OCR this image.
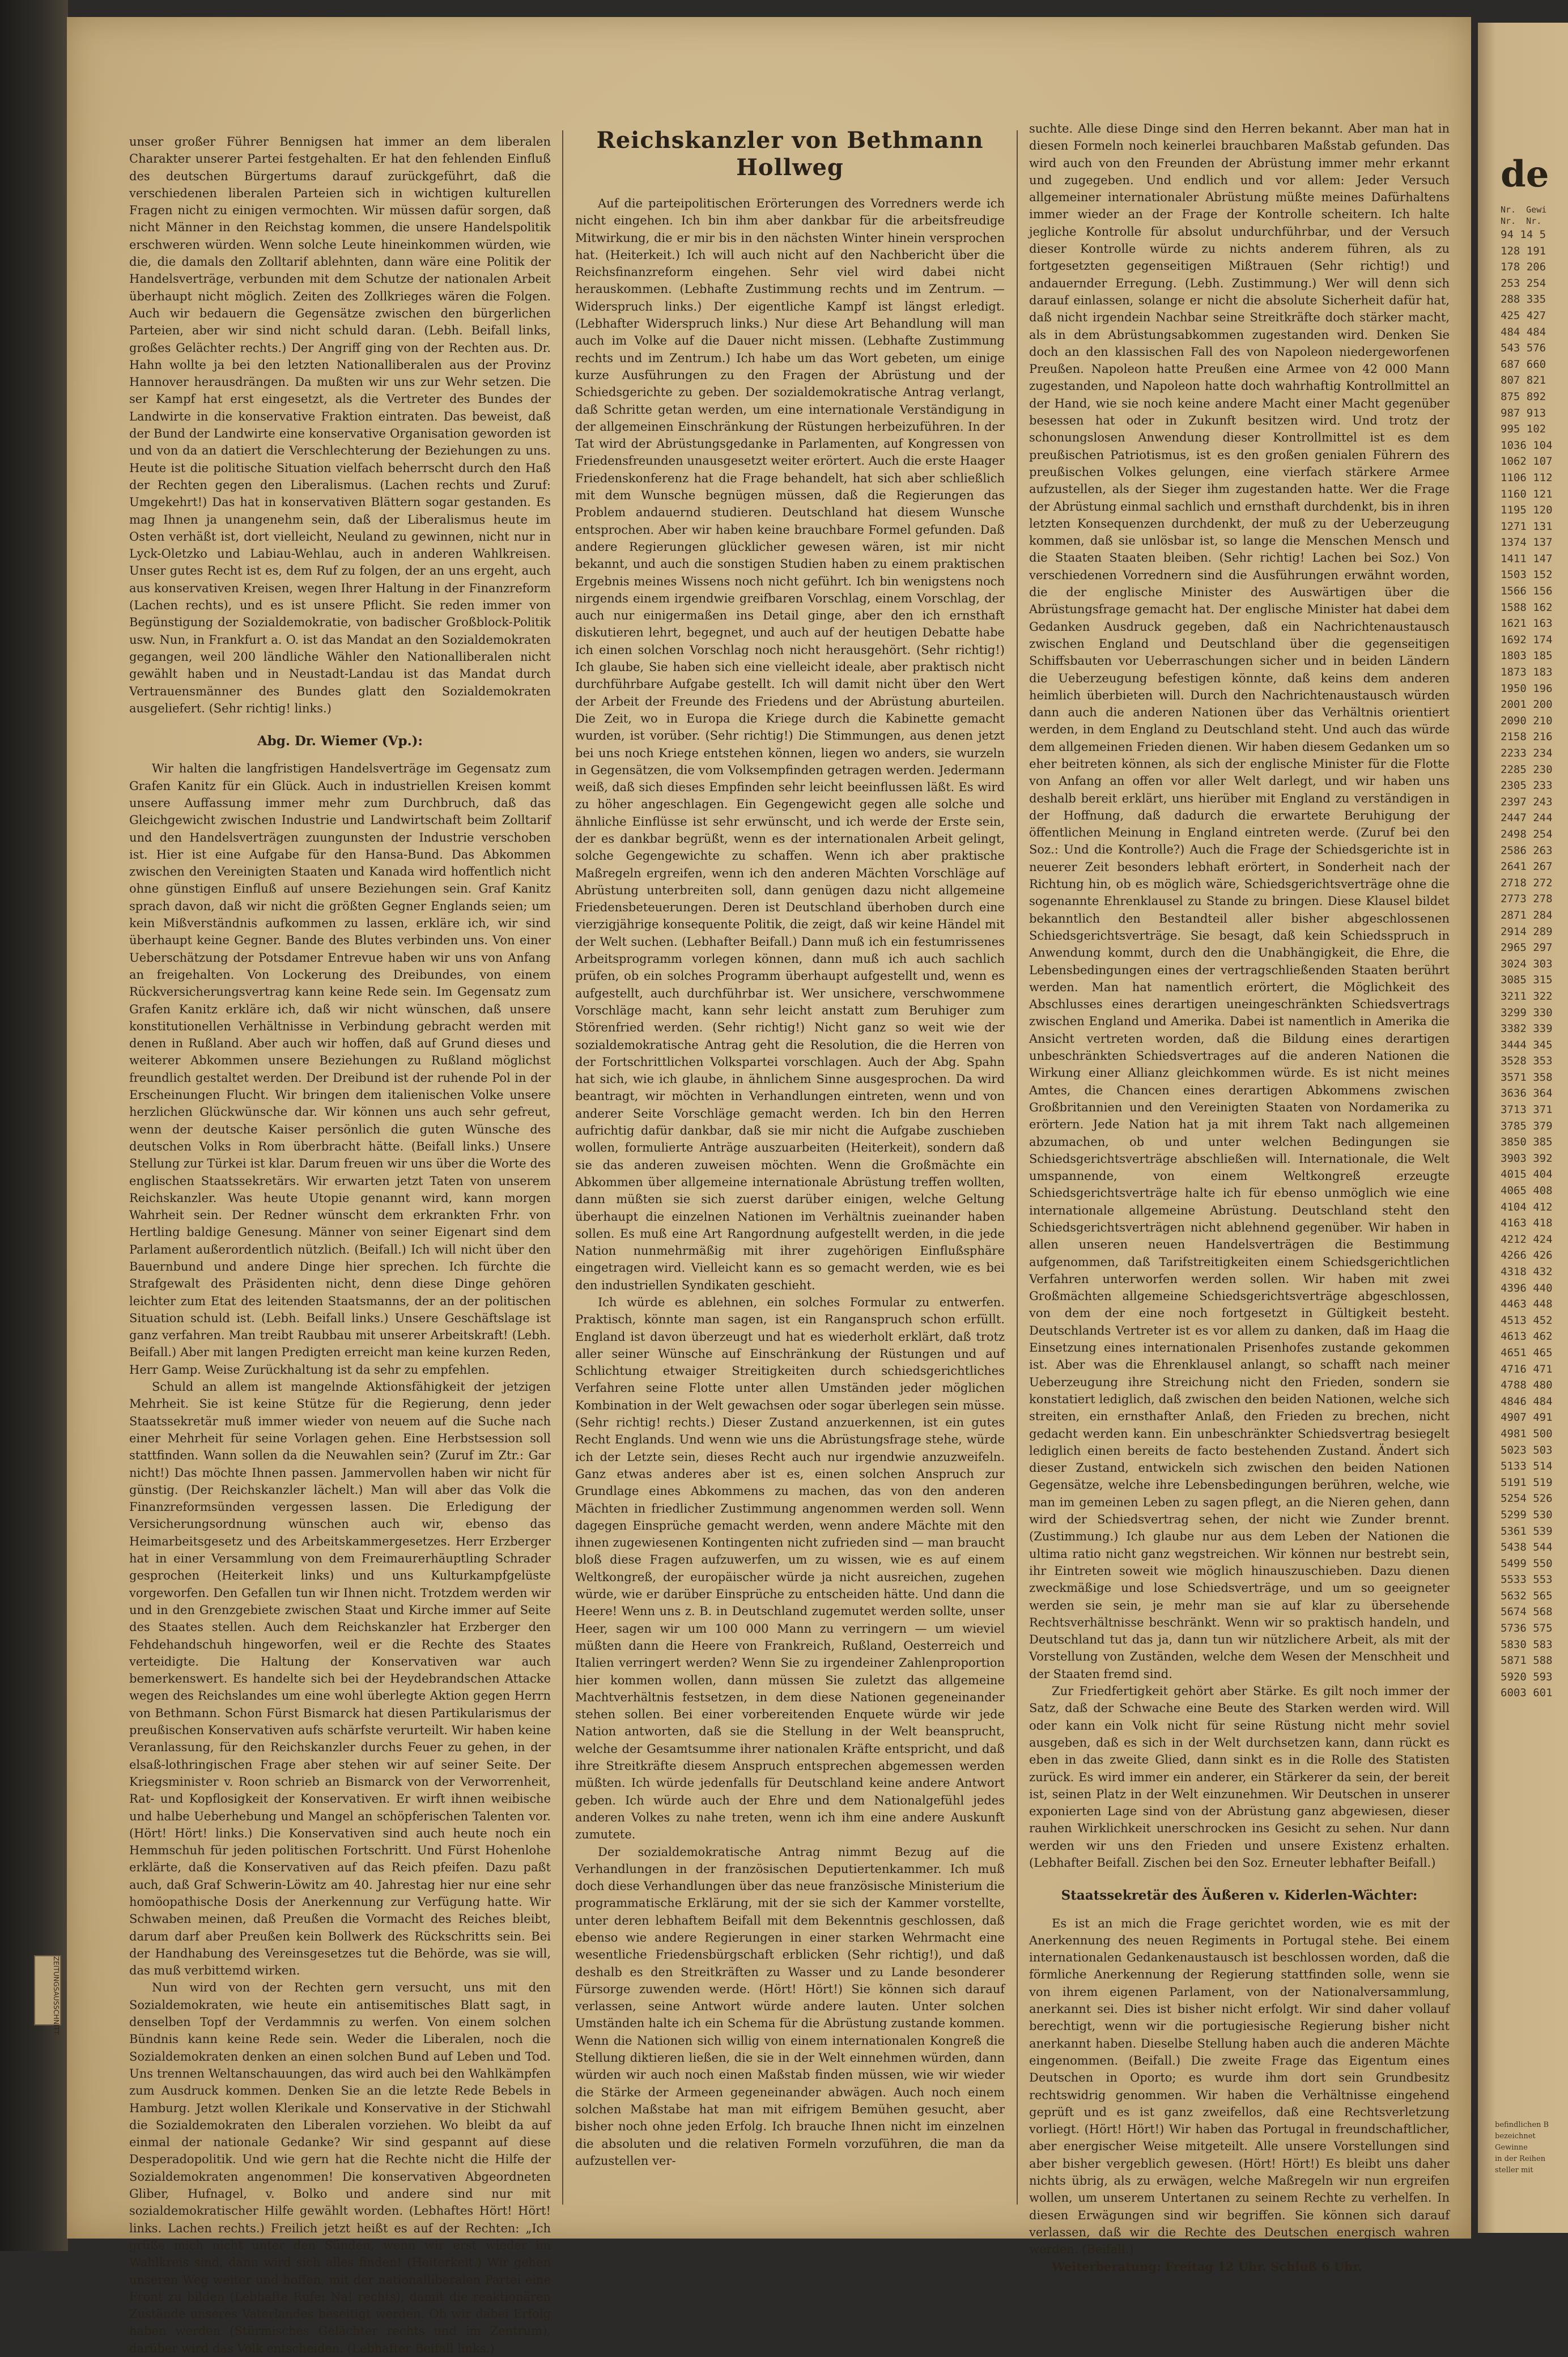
unser großer Führer Bennigsen hat immer an dem liberalen Charakter unserer Partei festgehalten. Er hat den fehlenden Einfluß des deutschen Bürgertums darauf zurückgeführt, daß die verschiedenen liberalen Parteien sich in wichtigen kulturellen Fragen nicht zu einigen vermochten. Wir müssen dafür sorgen, daß nicht Männer in den Reichstag kommen, die unsere Handelspolitik erschweren würden. Wenn solche Leute hineinkommen würden, wie die, die damals den Zolltarif ablehnten, dann wäre eine Politik der Handelsverträge, verbunden mit dem Schutze der nationalen Arbeit überhaupt nicht möglich. Zeiten des Zollkrieges wären die Folgen. Auch wir bedauern die Gegensätze zwischen den bürgerlichen Parteien, aber wir sind nicht schuld daran. (Lebh. Beifall links, großes Gelächter rechts.) Der Angriff ging von der Rechten aus. Dr. Hahn wollte ja bei den letzten Nationalliberalen aus der Provinz Hannover herausdrängen. Da mußten wir uns zur Wehr setzen. Die ser Kampf hat erst eingesetzt, als die Vertreter des Bundes der Landwirte in die konservative Fraktion eintraten. Das beweist, daß der Bund der Landwirte eine konservative Organisation geworden ist und von da an datiert die Verschlechterung der Beziehungen zu uns. Heute ist die politische Situation vielfach beherrscht durch den Haß der Rechten gegen den Liberalismus. (Lachen rechts und Zuruf: Umgekehrt!) Das hat in konservativen Blättern sogar gestanden. Es mag Ihnen ja unangenehm sein, daß der Liberalismus heute im Osten verhäßt ist, dort vielleicht, Neuland zu gewinnen, nicht nur in Lyck-Oletzko und Labiau-Wehlau, auch in anderen Wahlkreisen. Unser gutes Recht ist es, dem Ruf zu folgen, der an uns ergeht, auch aus konservativen Kreisen, wegen Ihrer Haltung in der Finanzreform (Lachen rechts), und es ist unsere Pflicht. Sie reden immer von Begünstigung der Sozialdemokratie, von badischer Großblock-Politik usw. Nun, in Frankfurt a. O. ist das Mandat an den Sozialdemokraten gegangen, weil 200 ländliche Wähler den Nationalliberalen nicht gewählt haben und in Neustadt-Landau ist das Mandat durch Vertrauensmänner des Bundes glatt den Sozialdemokraten ausgeliefert. (Sehr richtig! links.)

Abg. Dr. Wiemer (Vp.):

Wir halten die langfristigen Handelsverträge im Gegensatz zum Grafen Kanitz für ein Glück. Auch in industriellen Kreisen kommt unsere Auffassung immer mehr zum Durchbruch, daß das Gleichgewicht zwischen Industrie und Landwirtschaft beim Zolltarif und den Handelsverträgen zuungunsten der Industrie verschoben ist. Hier ist eine Aufgabe für den Hansa-Bund. Das Abkommen zwischen den Vereinigten Staaten und Kanada wird hoffentlich nicht ohne günstigen Einfluß auf unsere Beziehungen sein. Graf Kanitz sprach davon, daß wir nicht die größten Gegner Englands seien; um kein Mißverständnis aufkommen zu lassen, erkläre ich, wir sind überhaupt keine Gegner. Bande des Blutes verbinden uns. Von einer Ueberschätzung der Potsdamer Entrevue haben wir uns von Anfang an freigehalten. Von Lockerung des Dreibundes, von einem Rückversicherungsvertrag kann keine Rede sein. Im Gegensatz zum Grafen Kanitz erkläre ich, daß wir nicht wünschen, daß unsere konstitutionellen Verhältnisse in Verbindung gebracht werden mit denen in Rußland. Aber auch wir hoffen, daß auf Grund dieses und weiterer Abkommen unsere Beziehungen zu Rußland möglichst freundlich gestaltet werden. Der Dreibund ist der ruhende Pol in der Erscheinungen Flucht. Wir bringen dem italienischen Volke unsere herzlichen Glückwünsche dar. Wir können uns auch sehr gefreut, wenn der deutsche Kaiser persönlich die guten Wünsche des deutschen Volks in Rom überbracht hätte. (Beifall links.) Unsere Stellung zur Türkei ist klar. Darum freuen wir uns über die Worte des englischen Staatssekretärs. Wir erwarten jetzt Taten von unserem Reichskanzler. Was heute Utopie genannt wird, kann morgen Wahrheit sein. Der Redner wünscht dem erkrankten Frhr. von Hertling baldige Genesung. Männer von seiner Eigenart sind dem Parlament außerordentlich nützlich. (Beifall.) Ich will nicht über den Bauernbund und andere Dinge hier sprechen. Ich fürchte die Strafgewalt des Präsidenten nicht, denn diese Dinge gehören leichter zum Etat des leitenden Staatsmanns, der an der politischen Situation schuld ist. (Lebh. Beifall links.) Unsere Geschäftslage ist ganz verfahren. Man treibt Raubbau mit unserer Arbeitskraft! (Lebh. Beifall.) Aber mit langen Predigten erreicht man keine kurzen Reden, Herr Gamp. Weise Zurückhaltung ist da sehr zu empfehlen.

Schuld an allem ist mangelnde Aktionsfähigkeit der jetzigen Mehrheit. Sie ist keine Stütze für die Regierung, denn jeder Staatssekretär muß immer wieder von neuem auf die Suche nach einer Mehrheit für seine Vorlagen gehen. Eine Herbstsession soll stattfinden. Wann sollen da die Neuwahlen sein? (Zuruf im Ztr.: Gar nicht!) Das möchte Ihnen passen. Jammervollen haben wir nicht für günstig. (Der Reichskanzler lächelt.) Man will aber das Volk die Finanzreformsünden vergessen lassen. Die Erledigung der Versicherungsordnung wünschen auch wir, ebenso das Heimarbeitsgesetz und des Arbeitskammergesetzes. Herr Erzberger hat in einer Versammlung von dem Freimaurerhäuptling Schrader gesprochen (Heiterkeit links) und uns Kulturkampfgelüste vorgeworfen. Den Gefallen tun wir Ihnen nicht. Trotzdem werden wir und in den Grenzgebiete zwischen Staat und Kirche immer auf Seite des Staates stellen. Auch dem Reichskanzler hat Erzberger den Fehdehandschuh hingeworfen, weil er die Rechte des Staates verteidigte. Die Haltung der Konservativen war auch bemerkenswert. Es handelte sich bei der Heydebrandschen Attacke wegen des Reichslandes um eine wohl überlegte Aktion gegen Herrn von Bethmann. Schon Fürst Bismarck hat diesen Partikularismus der preußischen Konservativen aufs schärfste verurteilt. Wir haben keine Veranlassung, für den Reichskanzler durchs Feuer zu gehen, in der elsaß-lothringischen Frage aber stehen wir auf seiner Seite. Der Kriegsminister v. Roon schrieb an Bismarck von der Verworrenheit, Rat- und Kopflosigkeit der Konservativen. Er wirft ihnen weibische und halbe Ueberhebung und Mangel an schöpferischen Talenten vor. (Hört! Hört! links.) Die Konservativen sind auch heute noch ein Hemmschuh für jeden politischen Fortschritt. Und Fürst Hohenlohe erklärte, daß die Konservativen auf das Reich pfeifen. Dazu paßt auch, daß Graf Schwerin-Löwitz am 40. Jahrestag hier nur eine sehr homöopathische Dosis der Anerkennung zur Verfügung hatte. Wir Schwaben meinen, daß Preußen die Vormacht des Reiches bleibt, darum darf aber Preußen kein Bollwerk des Rückschritts sein. Bei der Handhabung des Vereinsgesetzes tut die Behörde, was sie will, das muß verbittemd wirken.

Nun wird von der Rechten gern versucht, uns mit den Sozialdemokraten, wie heute ein antisemitisches Blatt sagt, in denselben Topf der Verdammnis zu werfen. Von einem solchen Bündnis kann keine Rede sein. Weder die Liberalen, noch die Sozialdemokraten denken an einen solchen Bund auf Leben und Tod. Uns trennen Weltanschauungen, das wird auch bei den Wahlkämpfen zum Ausdruck kommen. Denken Sie an die letzte Rede Bebels in Hamburg. Jetzt wollen Klerikale und Konservative in der Stichwahl die Sozialdemokraten den Liberalen vorziehen. Wo bleibt da auf einmal der nationale Gedanke? Wir sind gespannt auf diese Desperadopolitik. Und wie gern hat die Rechte nicht die Hilfe der Sozialdemokraten angenommen! Die konservativen Abgeordneten Gliber, Hufnagel, v. Bolko und andere sind nur mit sozialdemokratischer Hilfe gewählt worden. (Lebhaftes Hört! Hört! links. Lachen rechts.) Freilich jetzt heißt es auf der Rechten: „Ich grüße mich nicht unter den Sünden, wenn wir erst wieder im Wahlkreis sind, dann wird sich alles finden! (Heiterkeit.) Wir gehen unseren Weg weiter und hoffen, mit der nationalliberalen Partei eine Front zu bilden (Lebhafte Rufe: Na! rechts), damit die reaktionären Zustände unseres Vaterlandes beseitigt werden. Ob wir dabei Erfolg haben werden (Stürmisches Gelächter rechts und im Zentrum), darüber wird das Volk entscheiden. (Lebhafter Beifall links.)

Reichskanzler von Bethmann Hollweg

Auf die parteipolitischen Erörterungen des Vorredners werde ich nicht eingehen. Ich bin ihm aber dankbar für die arbeitsfreudige Mitwirkung, die er mir bis in den nächsten Winter hinein versprochen hat. (Heiterkeit.) Ich will auch nicht auf den Nachbericht über die Reichsfinanzreform eingehen. Sehr viel wird dabei nicht herauskommen. (Lebhafte Zustimmung rechts und im Zentrum. — Widerspruch links.) Der eigentliche Kampf ist längst erledigt. (Lebhafter Widerspruch links.) Nur diese Art Behandlung will man auch im Volke auf die Dauer nicht missen. (Lebhafte Zustimmung rechts und im Zentrum.) Ich habe um das Wort gebeten, um einige kurze Ausführungen zu den Fragen der Abrüstung und der Schiedsgerichte zu geben. Der sozialdemokratische Antrag verlangt, daß Schritte getan werden, um eine internationale Verständigung in der allgemeinen Einschränkung der Rüstungen herbeizuführen. In der Tat wird der Abrüstungsgedanke in Parlamenten, auf Kongressen von Friedensfreunden unausgesetzt weiter erörtert. Auch die erste Haager Friedenskonferenz hat die Frage behandelt, hat sich aber schließlich mit dem Wunsche begnügen müssen, daß die Regierungen das Problem andauernd studieren. Deutschland hat diesem Wunsche entsprochen. Aber wir haben keine brauchbare Formel gefunden. Daß andere Regierungen glücklicher gewesen wären, ist mir nicht bekannt, und auch die sonstigen Studien haben zu einem praktischen Ergebnis meines Wissens noch nicht geführt. Ich bin wenigstens noch nirgends einem irgendwie greifbaren Vorschlag, einem Vorschlag, der auch nur einigermaßen ins Detail ginge, aber den ich ernsthaft diskutieren lehrt, begegnet, und auch auf der heutigen Debatte habe ich einen solchen Vorschlag noch nicht herausgehört. (Sehr richtig!) Ich glaube, Sie haben sich eine vielleicht ideale, aber praktisch nicht durchführbare Aufgabe gestellt. Ich will damit nicht über den Wert der Arbeit der Freunde des Friedens und der Abrüstung aburteilen. Die Zeit, wo in Europa die Kriege durch die Kabinette gemacht wurden, ist vorüber. (Sehr richtig!) Die Stimmungen, aus denen jetzt bei uns noch Kriege entstehen können, liegen wo anders, sie wurzeln in Gegensätzen, die vom Volksempfinden getragen werden. Jedermann weiß, daß sich dieses Empfinden sehr leicht beeinflussen läßt. Es wird zu höher angeschlagen. Ein Gegengewicht gegen alle solche und ähnliche Einflüsse ist sehr erwünscht, und ich werde der Erste sein, der es dankbar begrüßt, wenn es der internationalen Arbeit gelingt, solche Gegengewichte zu schaffen. Wenn ich aber praktische Maßregeln ergreifen, wenn ich den anderen Mächten Vorschläge auf Abrüstung unterbreiten soll, dann genügen dazu nicht allgemeine Friedensbeteuerungen. Deren ist Deutschland überhoben durch eine vierzigjährige konsequente Politik, die zeigt, daß wir keine Händel mit der Welt suchen. (Lebhafter Beifall.) Dann muß ich ein festumrissenes Arbeitsprogramm vorlegen können, dann muß ich auch sachlich prüfen, ob ein solches Programm überhaupt aufgestellt und, wenn es aufgestellt, auch durchführbar ist. Wer unsichere, verschwommene Vorschläge macht, kann sehr leicht anstatt zum Beruhiger zum Störenfried werden. (Sehr richtig!) Nicht ganz so weit wie der sozialdemokratische Antrag geht die Resolution, die die Herren von der Fortschrittlichen Volkspartei vorschlagen. Auch der Abg. Spahn hat sich, wie ich glaube, in ähnlichem Sinne ausgesprochen. Da wird beantragt, wir möchten in Verhandlungen eintreten, wenn und von anderer Seite Vorschläge gemacht werden. Ich bin den Herren aufrichtig dafür dankbar, daß sie mir nicht die Aufgabe zuschieben wollen, formulierte Anträge auszuarbeiten (Heiterkeit), sondern daß sie das anderen zuweisen möchten. Wenn die Großmächte ein Abkommen über allgemeine internationale Abrüstung treffen wollten, dann müßten sie sich zuerst darüber einigen, welche Geltung überhaupt die einzelnen Nationen im Verhältnis zueinander haben sollen. Es muß eine Art Rangordnung aufgestellt werden, in die jede Nation nunmehrmäßig mit ihrer zugehörigen Einflußsphäre eingetragen wird. Vielleicht kann es so gemacht werden, wie es bei den industriellen Syndikaten geschieht.

Ich würde es ablehnen, ein solches Formular zu entwerfen. Praktisch, könnte man sagen, ist ein Ranganspruch schon erfüllt. England ist davon überzeugt und hat es wiederholt erklärt, daß trotz aller seiner Wünsche auf Einschränkung der Rüstungen und auf Schlichtung etwaiger Streitigkeiten durch schiedsgerichtliches Verfahren seine Flotte unter allen Umständen jeder möglichen Kombination in der Welt gewachsen oder sogar überlegen sein müsse. (Sehr richtig! rechts.) Dieser Zustand anzuerkennen, ist ein gutes Recht Englands. Und wenn wie uns die Abrüstungsfrage stehe, würde ich der Letzte sein, dieses Recht auch nur irgendwie anzuzweifeln. Ganz etwas anderes aber ist es, einen solchen Anspruch zur Grundlage eines Abkommens zu machen, das von den anderen Mächten in friedlicher Zustimmung angenommen werden soll. Wenn dagegen Einsprüche gemacht werden, wenn andere Mächte mit den ihnen zugewiesenen Kontingenten nicht zufrieden sind — man braucht bloß diese Fragen aufzuwerfen, um zu wissen, wie es auf einem Weltkongreß, der europäischer würde ja nicht ausreichen, zugehen würde, wie er darüber Einsprüche zu entscheiden hätte. Und dann die Heere! Wenn uns z. B. in Deutschland zugemutet werden sollte, unser Heer, sagen wir um 100 000 Mann zu verringern — um wieviel müßten dann die Heere von Frankreich, Rußland, Oesterreich und Italien verringert werden? Wenn Sie zu irgendeiner Zahlenproportion hier kommen wollen, dann müssen Sie zuletzt das allgemeine Machtverhältnis festsetzen, in dem diese Nationen gegeneinander stehen sollen. Bei einer vorbereitenden Enquete würde wir jede Nation antworten, daß sie die Stellung in der Welt beansprucht, welche der Gesamtsumme ihrer nationalen Kräfte entspricht, und daß ihre Streitkräfte diesem Anspruch entsprechen abgemessen werden müßten. Ich würde jedenfalls für Deutschland keine andere Antwort geben. Ich würde auch der Ehre und dem Nationalgefühl jedes anderen Volkes zu nahe treten, wenn ich ihm eine andere Auskunft zumutete.

Der sozialdemokratische Antrag nimmt Bezug auf die Verhandlungen in der französischen Deputiertenkammer. Ich muß doch diese Verhandlungen über das neue französische Ministerium die programmatische Erklärung, mit der sie sich der Kammer vorstellte, unter deren lebhaftem Beifall mit dem Bekenntnis geschlossen, daß ebenso wie andere Regierungen in einer starken Wehrmacht eine wesentliche Friedensbürgschaft erblicken (Sehr richtig!), und daß deshalb es den Streitkräften zu Wasser und zu Lande besonderer Fürsorge zuwenden werde. (Hört! Hört!) Sie können sich darauf verlassen, seine Antwort würde andere lauten. Unter solchen Umständen halte ich ein Schema für die Abrüstung zustande kommen. Wenn die Nationen sich willig von einem internationalen Kongreß die Stellung diktieren ließen, die sie in der Welt einnehmen würden, dann würden wir auch noch einen Maßstab finden müssen, wie wir wieder die Stärke der Armeen gegeneinander abwägen. Auch noch einem solchen Maßstabe hat man mit eifrigem Bemühen gesucht, aber bisher noch ohne jeden Erfolg. Ich brauche Ihnen nicht im einzelnen die absoluten und die relativen Formeln vorzuführen, die man da aufzustellen ver-

suchte. Alle diese Dinge sind den Herren bekannt. Aber man hat in diesen Formeln noch keinerlei brauchbaren Maßstab gefunden. Das wird auch von den Freunden der Abrüstung immer mehr erkannt und zugegeben. Und endlich und vor allem: Jeder Versuch allgemeiner internationaler Abrüstung müßte meines Dafürhaltens immer wieder an der Frage der Kontrolle scheitern. Ich halte jegliche Kontrolle für absolut undurchführbar, und der Versuch dieser Kontrolle würde zu nichts anderem führen, als zu fortgesetzten gegenseitigen Mißtrauen (Sehr richtig!) und andauernder Erregung. (Lebh. Zustimmung.) Wer will denn sich darauf einlassen, solange er nicht die absolute Sicherheit dafür hat, daß nicht irgendein Nachbar seine Streitkräfte doch stärker macht, als in dem Abrüstungsabkommen zugestanden wird. Denken Sie doch an den klassischen Fall des von Napoleon niedergeworfenen Preußen. Napoleon hatte Preußen eine Armee von 42 000 Mann zugestanden, und Napoleon hatte doch wahrhaftig Kontrollmittel an der Hand, wie sie noch keine andere Macht einer Macht gegenüber besessen hat oder in Zukunft besitzen wird. Und trotz der schonungslosen Anwendung dieser Kontrollmittel ist es dem preußischen Patriotismus, ist es den großen genialen Führern des preußischen Volkes gelungen, eine vierfach stärkere Armee aufzustellen, als der Sieger ihm zugestanden hatte. Wer die Frage der Abrüstung einmal sachlich und ernsthaft durchdenkt, bis in ihren letzten Konsequenzen durchdenkt, der muß zu der Ueberzeugung kommen, daß sie unlösbar ist, so lange die Menschen Mensch und die Staaten Staaten bleiben. (Sehr richtig! Lachen bei Soz.) Von verschiedenen Vorrednern sind die Ausführungen erwähnt worden, die der englische Minister des Auswärtigen über die Abrüstungsfrage gemacht hat. Der englische Minister hat dabei dem Gedanken Ausdruck gegeben, daß ein Nachrichtenaustausch zwischen England und Deutschland über die gegenseitigen Schiffsbauten vor Ueberraschungen sicher und in beiden Ländern die Ueberzeugung befestigen könnte, daß keins dem anderen heimlich überbieten will. Durch den Nachrichtenaustausch würden dann auch die anderen Nationen über das Verhältnis orientiert werden, in dem England zu Deutschland steht. Und auch das würde dem allgemeinen Frieden dienen. Wir haben diesem Gedanken um so eher beitreten können, als sich der englische Minister für die Flotte von Anfang an offen vor aller Welt darlegt, und wir haben uns deshalb bereit erklärt, uns hierüber mit England zu verständigen in der Hoffnung, daß dadurch die erwartete Beruhigung der öffentlichen Meinung in England eintreten werde. (Zuruf bei den Soz.: Und die Kontrolle?) Auch die Frage der Schiedsgerichte ist in neuerer Zeit besonders lebhaft erörtert, in Sonderheit nach der Richtung hin, ob es möglich wäre, Schiedsgerichtsverträge ohne die sogenannte Ehrenklausel zu Stande zu bringen. Diese Klausel bildet bekanntlich den Bestandteil aller bisher abgeschlossenen Schiedsgerichtsverträge. Sie besagt, daß kein Schiedsspruch in Anwendung kommt, durch den die Unabhängigkeit, die Ehre, die Lebensbedingungen eines der vertragschließenden Staaten berührt werden. Man hat namentlich erörtert, die Möglichkeit des Abschlusses eines derartigen uneingeschränkten Schiedsvertrags zwischen England und Amerika. Dabei ist namentlich in Amerika die Ansicht vertreten worden, daß die Bildung eines derartigen unbeschränkten Schiedsvertrages auf die anderen Nationen die Wirkung einer Allianz gleichkommen würde. Es ist nicht meines Amtes, die Chancen eines derartigen Abkommens zwischen Großbritannien und den Vereinigten Staaten von Nordamerika zu erörtern. Jede Nation hat ja mit ihrem Takt nach allgemeinen abzumachen, ob und unter welchen Bedingungen sie Schiedsgerichtsverträge abschließen will. Internationale, die Welt umspannende, von einem Weltkongreß erzeugte Schiedsgerichtsverträge halte ich für ebenso unmöglich wie eine internationale allgemeine Abrüstung. Deutschland steht den Schiedsgerichtsverträgen nicht ablehnend gegenüber. Wir haben in allen unseren neuen Handelsverträgen die Bestimmung aufgenommen, daß Tarifstreitigkeiten einem Schiedsgerichtlichen Verfahren unterworfen werden sollen. Wir haben mit zwei Großmächten allgemeine Schiedsgerichtsverträge abgeschlossen, von dem der eine noch fortgesetzt in Gültigkeit besteht. Deutschlands Vertreter ist es vor allem zu danken, daß im Haag die Einsetzung eines internationalen Prisenhofes zustande gekommen ist. Aber was die Ehrenklausel anlangt, so schafft nach meiner Ueberzeugung ihre Streichung nicht den Frieden, sondern sie konstatiert lediglich, daß zwischen den beiden Nationen, welche sich streiten, ein ernsthafter Anlaß, den Frieden zu brechen, nicht gedacht werden kann. Ein unbeschränkter Schiedsvertrag besiegelt lediglich einen bereits de facto bestehenden Zustand. Ändert sich dieser Zustand, entwickeln sich zwischen den beiden Nationen Gegensätze, welche ihre Lebensbedingungen berühren, welche, wie man im gemeinen Leben zu sagen pflegt, an die Nieren gehen, dann wird der Schiedsvertrag sehen, der nicht wie Zunder brennt. (Zustimmung.) Ich glaube nur aus dem Leben der Nationen die ultima ratio nicht ganz wegstreichen. Wir können nur bestrebt sein, ihr Eintreten soweit wie möglich hinauszuschieben. Dazu dienen zweckmäßige und lose Schiedsverträge, und um so geeigneter werden sie sein, je mehr man sie auf klar zu übersehende Rechtsverhältnisse beschränkt. Wenn wir so praktisch handeln, und Deutschland tut das ja, dann tun wir nützlichere Arbeit, als mit der Vorstellung von Zuständen, welche dem Wesen der Menschheit und der Staaten fremd sind.

Zur Friedfertigkeit gehört aber Stärke. Es gilt noch immer der Satz, daß der Schwache eine Beute des Starken werden wird. Will oder kann ein Volk nicht für seine Rüstung nicht mehr soviel ausgeben, daß es sich in der Welt durchsetzen kann, dann rückt es eben in das zweite Glied, dann sinkt es in die Rolle des Statisten zurück. Es wird immer ein anderer, ein Stärkerer da sein, der bereit ist, seinen Platz in der Welt einzunehmen. Wir Deutschen in unserer exponierten Lage sind von der Abrüstung ganz abgewiesen, dieser rauhen Wirklichkeit unerschrocken ins Gesicht zu sehen. Nur dann werden wir uns den Frieden und unsere Existenz erhalten. (Lebhafter Beifall. Zischen bei den Soz. Erneuter lebhafter Beifall.)

Staatssekretär des Äußeren v. Kiderlen-Wächter:

Es ist an mich die Frage gerichtet worden, wie es mit der Anerkennung des neuen Regiments in Portugal stehe. Bei einem internationalen Gedankenaustausch ist beschlossen worden, daß die förmliche Anerkennung der Regierung stattfinden solle, wenn sie von ihrem eigenen Parlament, von der Nationalversammlung, anerkannt sei. Dies ist bisher nicht erfolgt. Wir sind daher vollauf berechtigt, wenn wir die portugiesische Regierung bisher nicht anerkannt haben. Dieselbe Stellung haben auch die anderen Mächte eingenommen. (Beifall.) Die zweite Frage das Eigentum eines Deutschen in Oporto; es wurde ihm dort sein Grundbesitz rechtswidrig genommen. Wir haben die Verhältnisse eingehend geprüft und es ist ganz zweifellos, daß eine Rechtsverletzung vorliegt. (Hört! Hört!) Wir haben das Portugal in freundschaftlicher, aber energischer Weise mitgeteilt. Alle unsere Vorstellungen sind aber bisher vergeblich gewesen. (Hört! Hört!) Es bleibt uns daher nichts übrig, als zu erwägen, welche Maßregeln wir nun ergreifen wollen, um unserem Untertanen zu seinem Rechte zu verhelfen. In diesen Erwägungen sind wir begriffen. Sie können sich darauf verlassen, daß wir die Rechte des Deutschen energisch wahren werden. (Beifall.)

Weiterberatung: Freitag 12 Uhr. Schluß 6 Uhr.

de
Nr.  Gewi
Nr.  Nr.
94 14 5
128 191
178 206
253 254
288 335
425 427
484 484
543 576
687 660
807 821
875 892
987 913
995 102
1036 104
1062 107
1106 112
1160 121
1195 120
1271 131
1374 137
1411 147
1503 152
1566 156
1588 162
1621 163
1692 174
1803 185
1873 183
1950 196
2001 200
2090 210
2158 216
2233 234
2285 230
2305 233
2397 243
2447 244
2498 254
2586 263
2641 267
2718 272
2773 278
2871 284
2914 289
2965 297
3024 303
3085 315
3211 322
3299 330
3382 339
3444 345
3528 353
3571 358
3636 364
3713 371
3785 379
3850 385
3903 392
4015 404
4065 408
4104 412
4163 418
4212 424
4266 426
4318 432
4396 440
4463 448
4513 452
4613 462
4651 465
4716 471
4788 480
4846 484
4907 491
4981 500
5023 503
5133 514
5191 519
5254 526
5299 530
5361 539
5438 544
5499 550
5533 553
5632 565
5674 568
5736 575
5830 583
5871 588
5920 593
6003 601
befindlichen B
bezeichnet
Gewinne
in der Reihen
steller mit
ZEITUNGSAUSSCHNITT
